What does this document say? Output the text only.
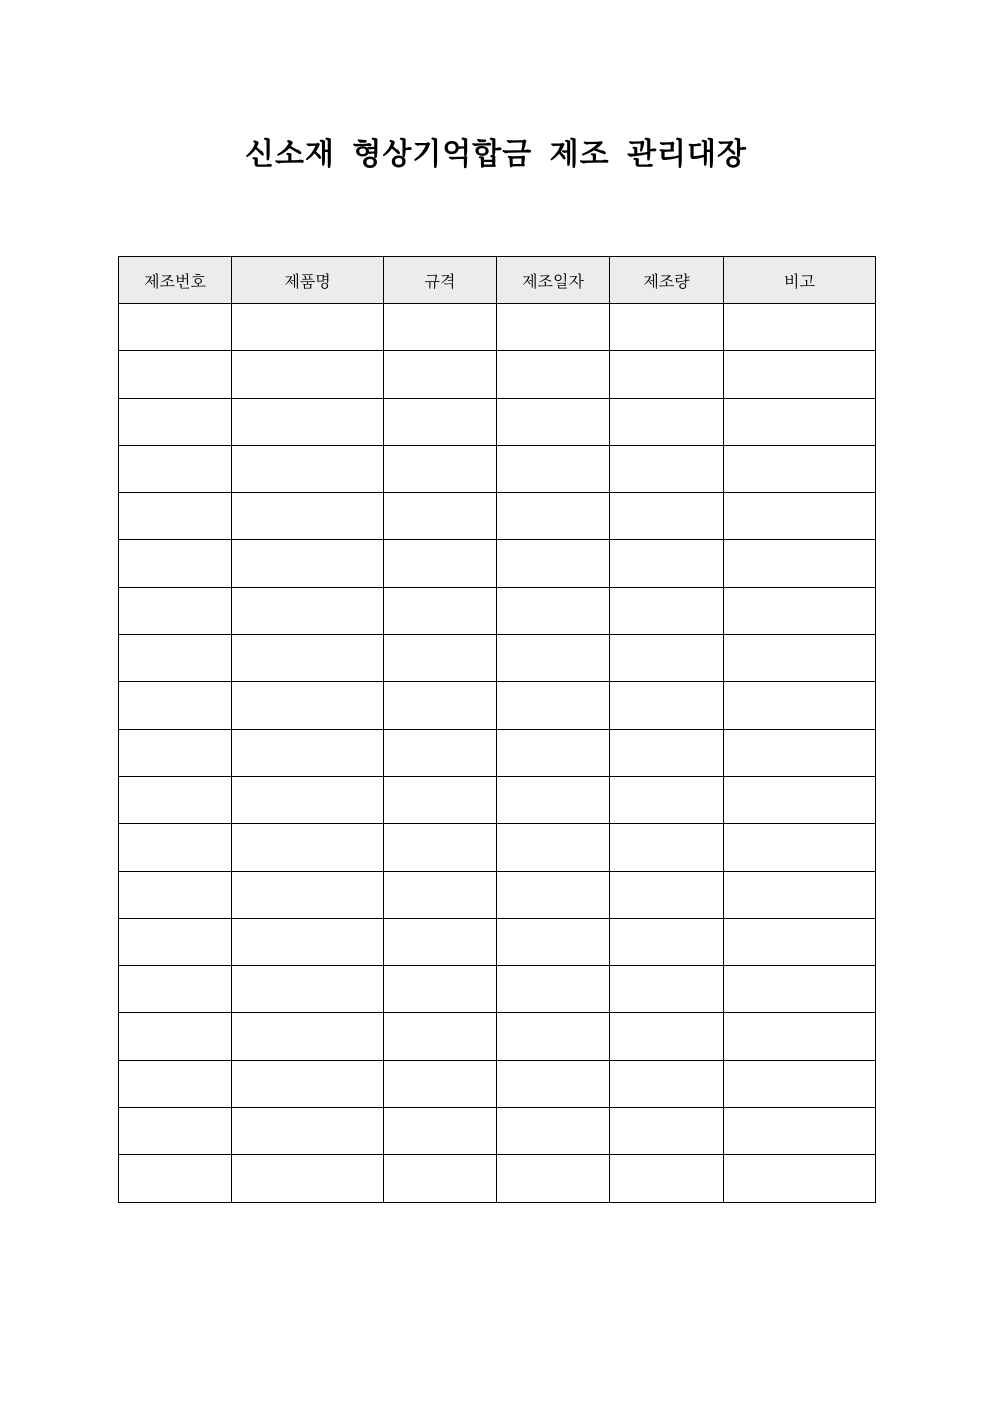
신소재 형상기억합금 제조 관리대장
제조번호	제품명	규격	제조일자	제조량	비고
